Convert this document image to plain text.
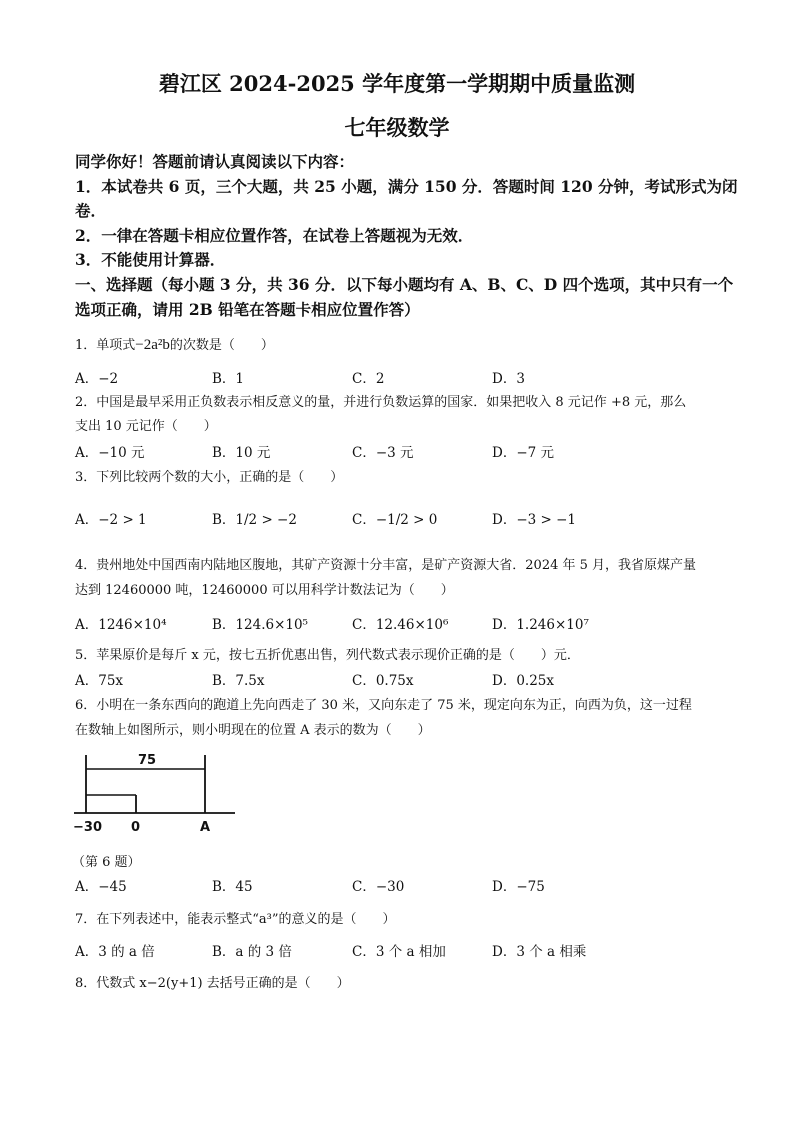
碧江区 2024-2025 学年度第一学期期中质量监测
七年级数学
同学你好！答题前请认真阅读以下内容：
1．本试卷共 6 页，三个大题，共 25 小题，满分 150 分．答题时间 120 分钟，考试形式为闭
卷．
2．一律在答题卡相应位置作答，在试卷上答题视为无效．
3．不能使用计算器．
一、选择题（每小题 3 分，共 36 分．以下每小题均有 A、B、C、D 四个选项，其中只有一个
选项正确，请用 2B 铅笔在答题卡相应位置作答）
1．单项式−2a²b的次数是（　　）
A．−2	B．1	C．2	D．3
2．中国是最早采用正负数表示相反意义的量，并进行负数运算的国家．如果把收入 8 元记作 +8 元，那么
支出 10 元记作（　　）
A．−10 元	B．10 元	C．−3 元	D．−7 元
3．下列比较两个数的大小，正确的是（　　）
A．−2 > 1	B．1/2 > −2	C．−1/2 > 0	D．−3 > −1
4．贵州地处中国西南内陆地区腹地，其矿产资源十分丰富，是矿产资源大省．2024 年 5 月，我省原煤产量
达到 12460000 吨，12460000 可以用科学计数法记为（　　）
A．1246×10⁴	B．124.6×10⁵	C．12.46×10⁶	D．1.246×10⁷
5．苹果原价是每斤 x 元，按七五折优惠出售，列代数式表示现价正确的是（　　）元．
A．75x	B．7.5x	C．0.75x	D．0.25x
6．小明在一条东西向的跑道上先向西走了 30 米，又向东走了 75 米，现定向东为正，向西为负，这一过程
在数轴上如图所示，则小明现在的位置 A 表示的数为（　　）
75
−30 0	A
（第 6 题）
A．−45	B．45	C．−30	D．−75
7．在下列表述中，能表示整式“a³”的意义的是（　　）
A．3 的 a 倍	B．a 的 3 倍	C．3 个 a 相加	D．3 个 a 相乘
8．代数式 x−2(y+1) 去括号正确的是（　　）
